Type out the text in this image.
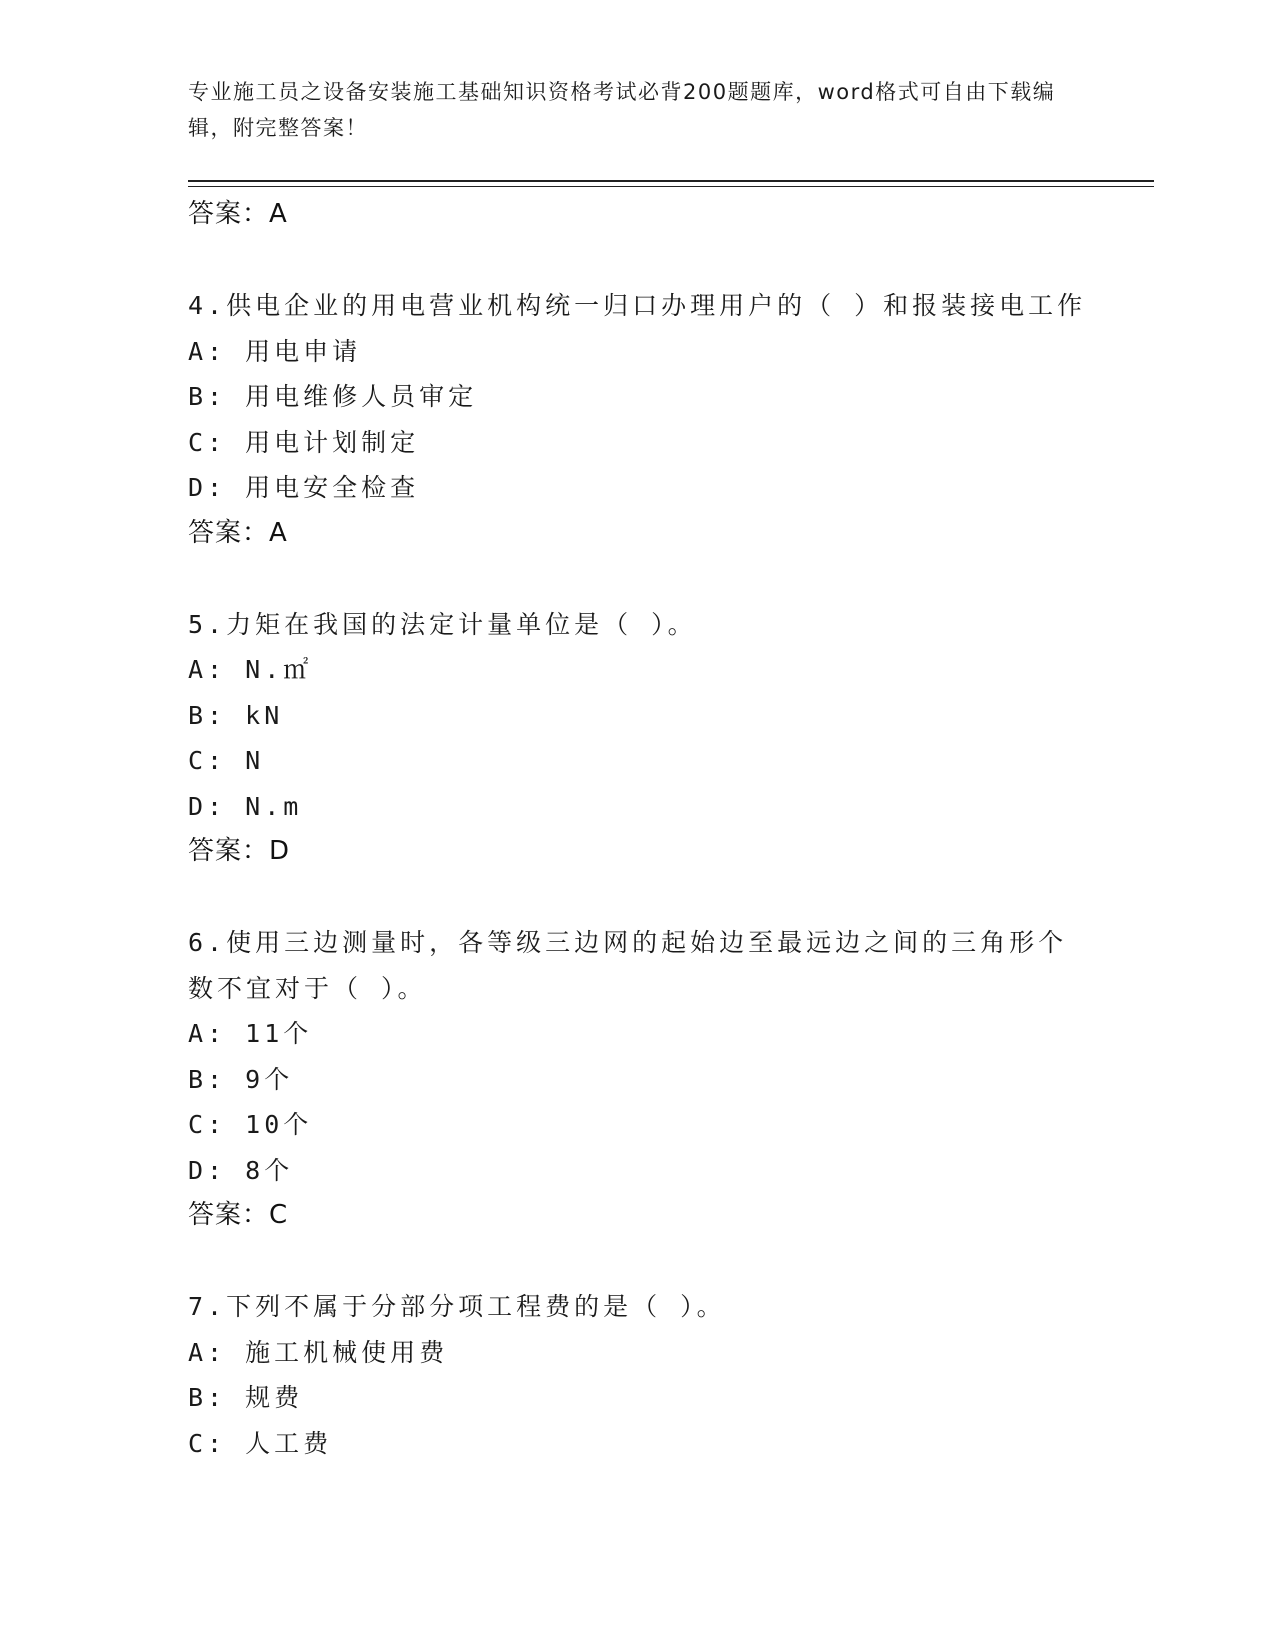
专业施工员之设备安装施工基础知识资格考试必背200题题库，word格式可自由下载编辑，附完整答案！
答案：A
4.供电企业的用电营业机构统一归口办理用户的（ ）和报装接电工作
A: 用电申请
B: 用电维修人员审定
C: 用电计划制定
D: 用电安全检查
答案：A
5.力矩在我国的法定计量单位是（ ）。
A: N.㎡
B: kN
C: N
D: N.m
答案：D
6.使用三边测量时，各等级三边网的起始边至最远边之间的三角形个数不宜对于（ ）。
A: 11个
B: 9个
C: 10个
D: 8个
答案：C
7.下列不属于分部分项工程费的是（ ）。
A: 施工机械使用费
B: 规费
C: 人工费
